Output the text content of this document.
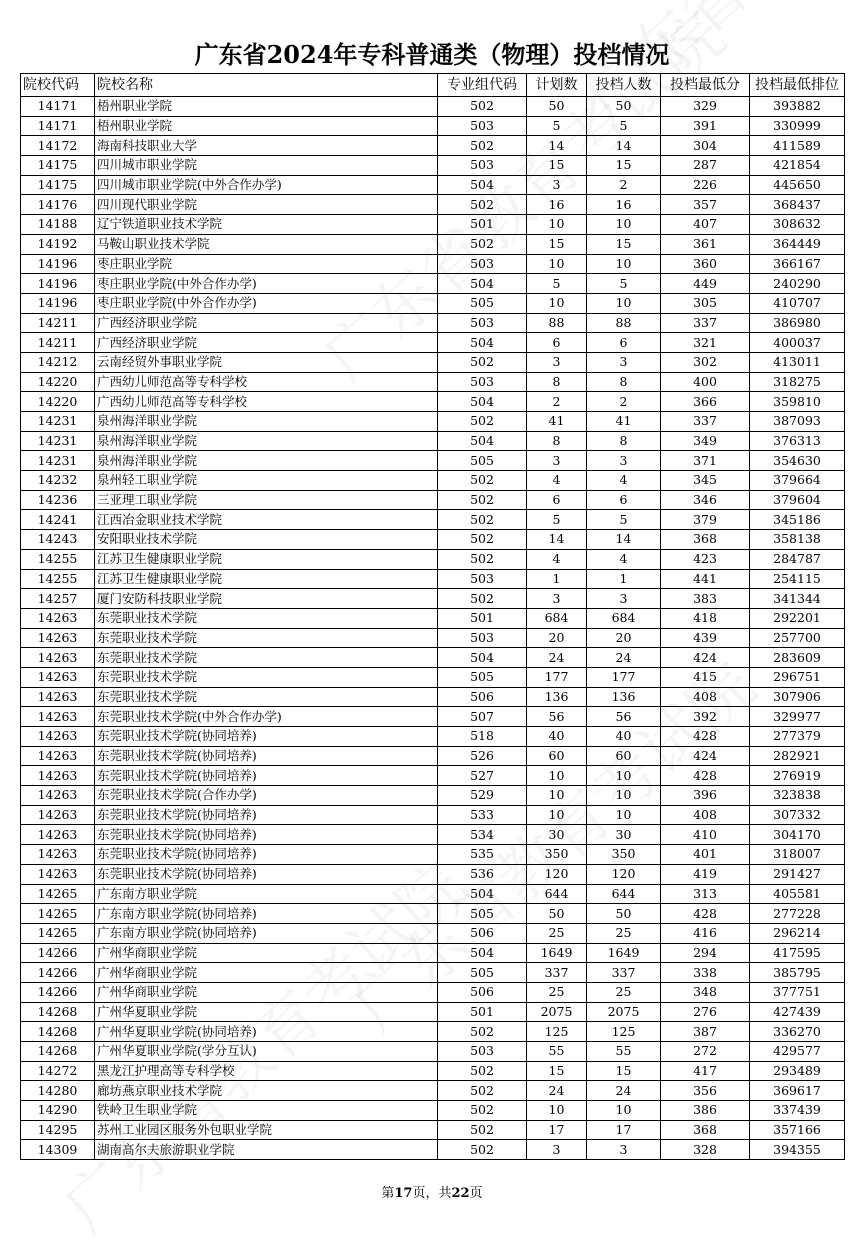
广东省2024年专科普通类（物理）投档情况
院校代码	院校名称	专业组代码	计划数	投档人数	投档最低分	投档最低排位
14171	梧州职业学院	502	50	50	329	393882
14171	梧州职业学院	503	5	5	391	330999
14172	海南科技职业大学	502	14	14	304	411589
14175	四川城市职业学院	503	15	15	287	421854
14175	四川城市职业学院(中外合作办学)	504	3	2	226	445650
14176	四川现代职业学院	502	16	16	357	368437
14188	辽宁铁道职业技术学院	501	10	10	407	308632
14192	马鞍山职业技术学院	502	15	15	361	364449
14196	枣庄职业学院	503	10	10	360	366167
14196	枣庄职业学院(中外合作办学)	504	5	5	449	240290
14196	枣庄职业学院(中外合作办学)	505	10	10	305	410707
14211	广西经济职业学院	503	88	88	337	386980
14211	广西经济职业学院	504	6	6	321	400037
14212	云南经贸外事职业学院	502	3	3	302	413011
14220	广西幼儿师范高等专科学校	503	8	8	400	318275
14220	广西幼儿师范高等专科学校	504	2	2	366	359810
14231	泉州海洋职业学院	502	41	41	337	387093
14231	泉州海洋职业学院	504	8	8	349	376313
14231	泉州海洋职业学院	505	3	3	371	354630
14232	泉州轻工职业学院	502	4	4	345	379664
14236	三亚理工职业学院	502	6	6	346	379604
14241	江西冶金职业技术学院	502	5	5	379	345186
14243	安阳职业技术学院	502	14	14	368	358138
14255	江苏卫生健康职业学院	502	4	4	423	284787
14255	江苏卫生健康职业学院	503	1	1	441	254115
14257	厦门安防科技职业学院	502	3	3	383	341344
14263	东莞职业技术学院	501	684	684	418	292201
14263	东莞职业技术学院	503	20	20	439	257700
14263	东莞职业技术学院	504	24	24	424	283609
14263	东莞职业技术学院	505	177	177	415	296751
14263	东莞职业技术学院	506	136	136	408	307906
14263	东莞职业技术学院(中外合作办学)	507	56	56	392	329977
14263	东莞职业技术学院(协同培养)	518	40	40	428	277379
14263	东莞职业技术学院(协同培养)	526	60	60	424	282921
14263	东莞职业技术学院(协同培养)	527	10	10	428	276919
14263	东莞职业技术学院(合作办学)	529	10	10	396	323838
14263	东莞职业技术学院(协同培养)	533	10	10	408	307332
14263	东莞职业技术学院(协同培养)	534	30	30	410	304170
14263	东莞职业技术学院(协同培养)	535	350	350	401	318007
14263	东莞职业技术学院(协同培养)	536	120	120	419	291427
14265	广东南方职业学院	504	644	644	313	405581
14265	广东南方职业学院(协同培养)	505	50	50	428	277228
14265	广东南方职业学院(协同培养)	506	25	25	416	296214
14266	广州华商职业学院	504	1649	1649	294	417595
14266	广州华商职业学院	505	337	337	338	385795
14266	广州华商职业学院	506	25	25	348	377751
14268	广州华夏职业学院	501	2075	2075	276	427439
14268	广州华夏职业学院(协同培养)	502	125	125	387	336270
14268	广州华夏职业学院(学分互认)	503	55	55	272	429577
14272	黑龙江护理高等专科学校	502	15	15	417	293489
14280	廊坊燕京职业技术学院	502	24	24	356	369617
14290	铁岭卫生职业学院	502	10	10	386	337439
14295	苏州工业园区服务外包职业学院	502	17	17	368	357166
14309	湖南高尔夫旅游职业学院	502	3	3	328	394355
第17页，共22页
